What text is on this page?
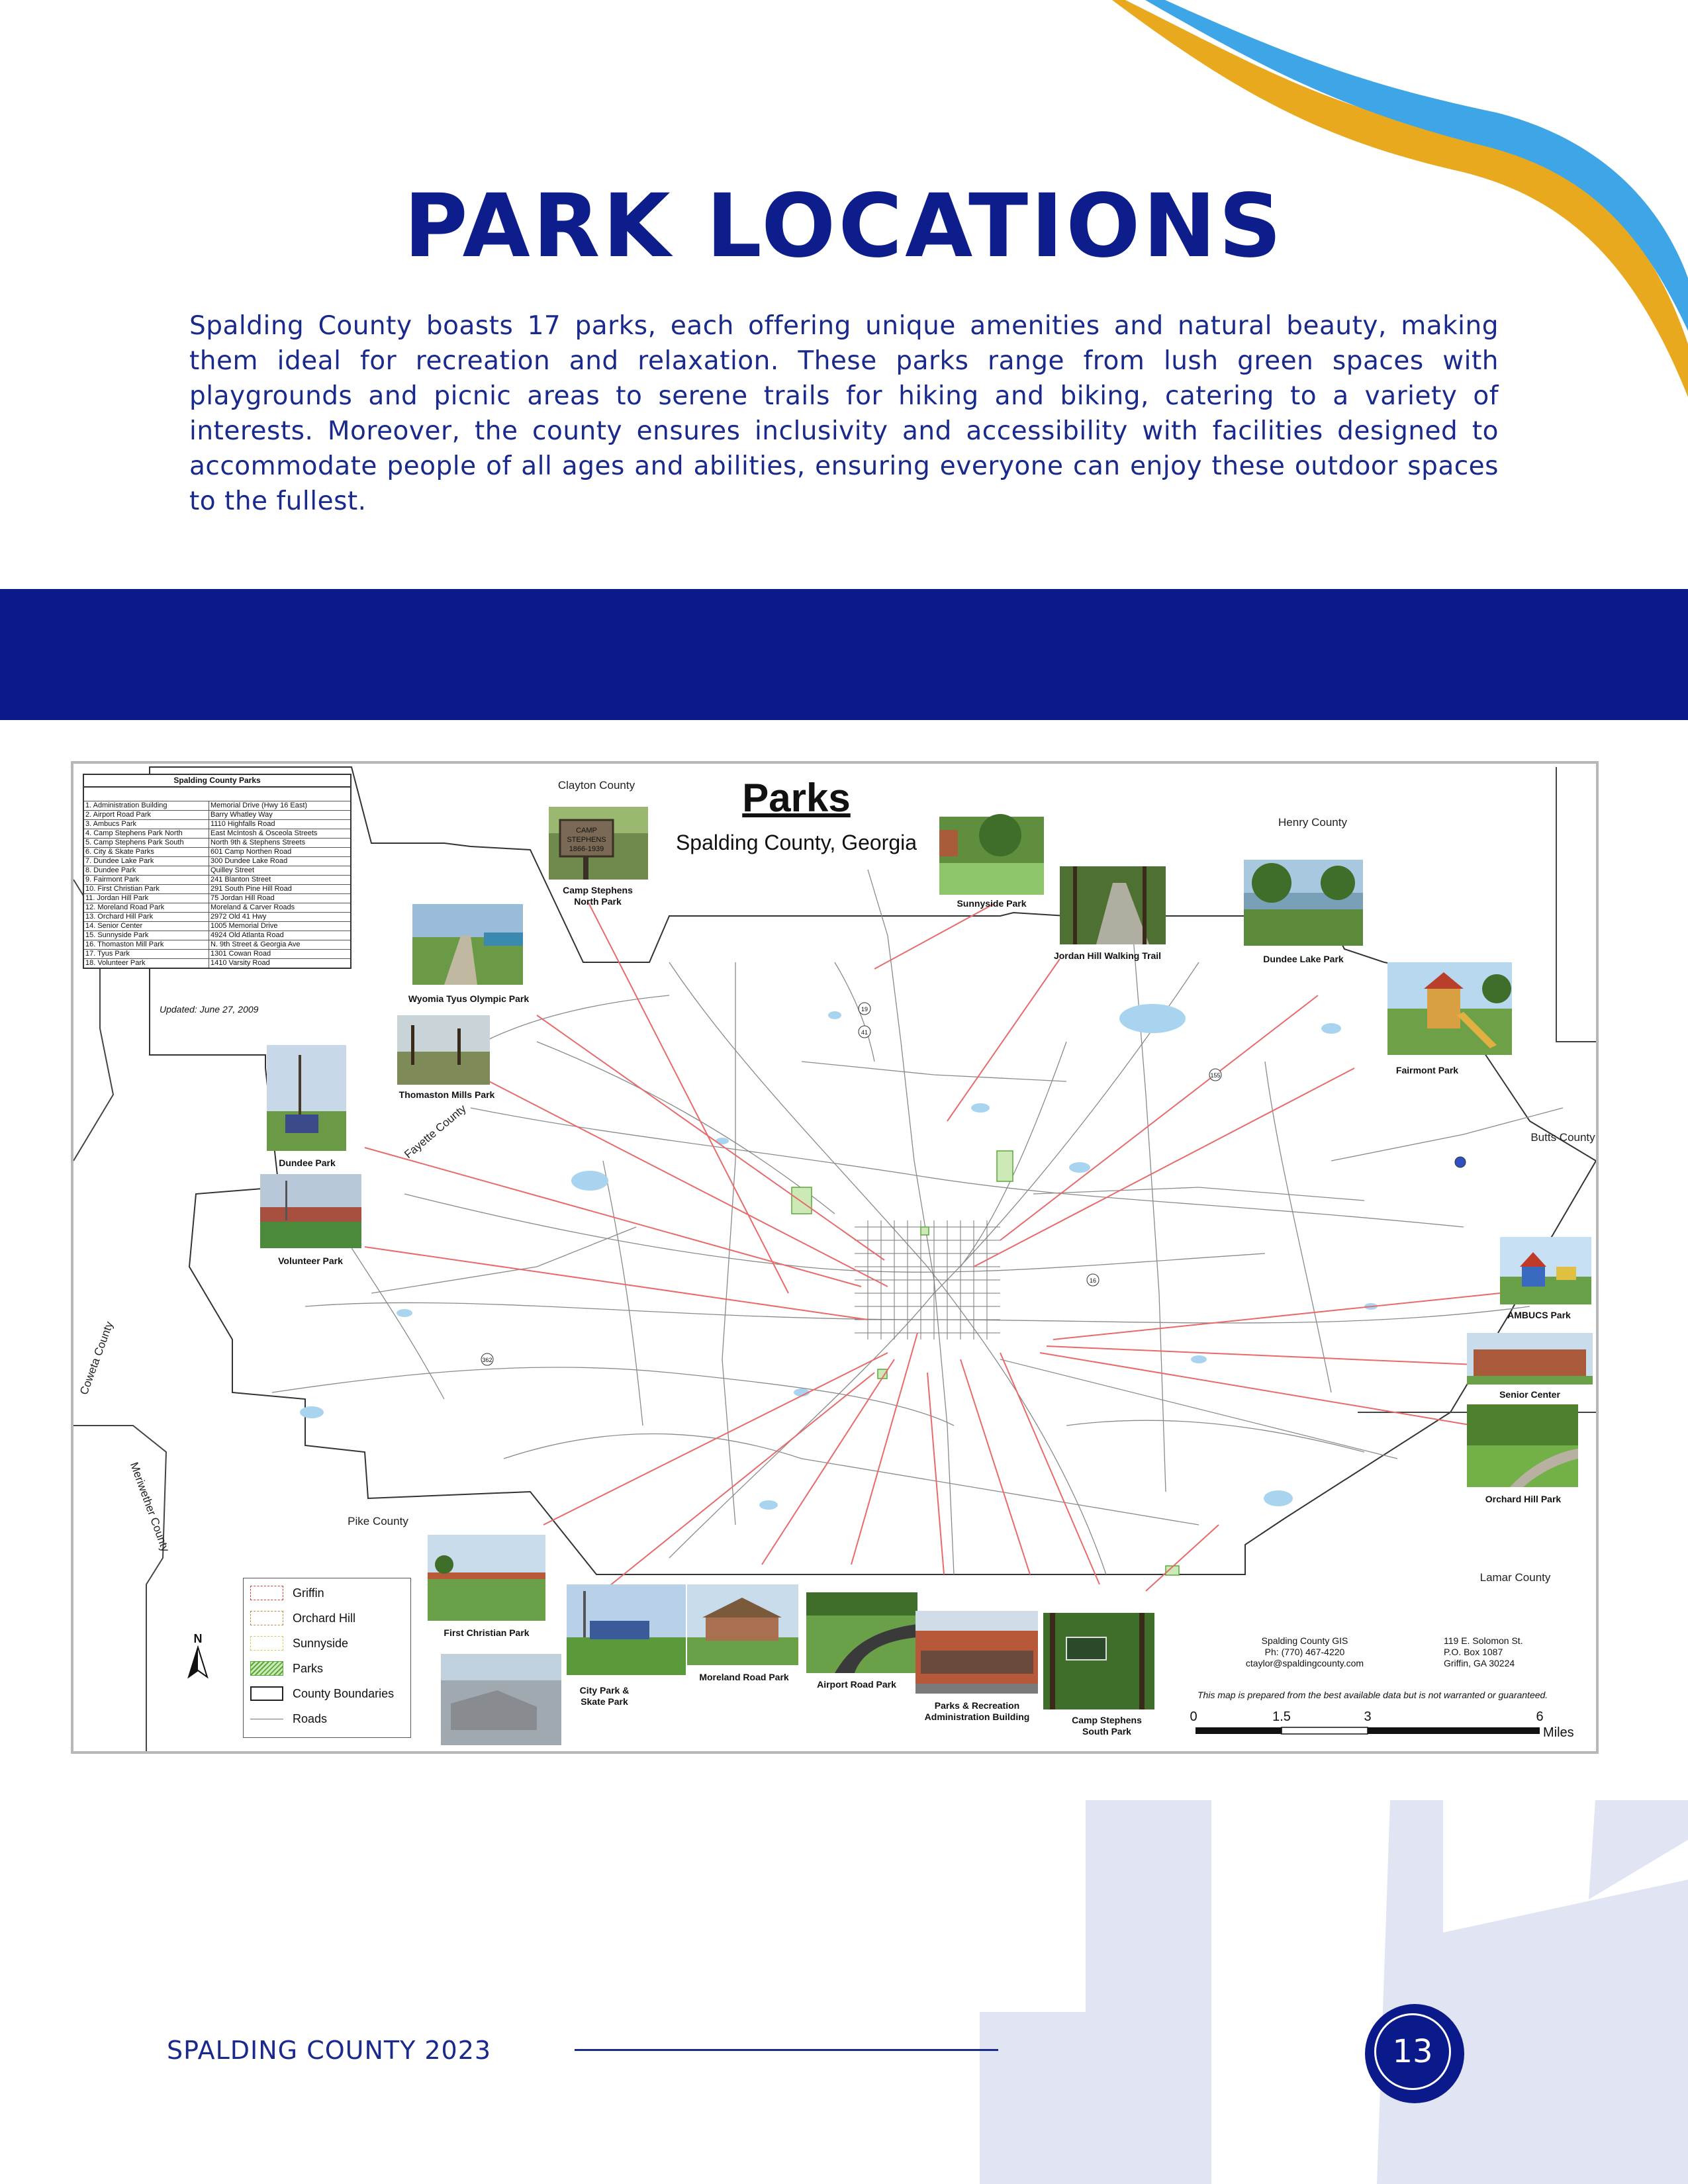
PARK LOCATIONS

Spalding County boasts 17 parks, each offering unique amenities and natural beauty, making them ideal for recreation and relaxation. These parks range from lush green spaces with playgrounds and picnic areas to serene trails for hiking and biking, catering to a variety of interests. Moreover, the county ensures inclusivity and accessibility with facilities designed to accommodate people of all ages and abilities, ensuring everyone can enjoy these outdoor spaces to the fullest.

19
41
155
16
362
Parks
Spalding County, Georgia
Clayton County
Henry County
Butts County
Lamar County
Pike County
Coweta County
Meriwether County
Fayette County
CAMP
STEPHENS
1866-1939
Camp Stephens
North Park	Sunnyside Park
Jordan Hill Walking Trail	Dundee Lake Park
Fairmont Park
Wyomia Tyus Olympic Park
Thomaston Mills Park
Dundee Park
Volunteer Park
AMBUCS Park
Senior Center
Orchard Hill Park
First Christian Park
City Park &
Skate Park
Moreland Road Park
Airport Road Park
Parks & Recreation
Administration Building	Camp Stephens
South Park
N	Spalding County GIS
Ph: (770) 467-4220
ctaylor@spaldingcounty.com
119 E. Solomon St.
P.O. Box 1087
Griffin, GA 30224
This map is prepared from the best available data but is not warranted or guaranteed.
0	1.5	3	6
Miles
Spalding County Parks
1. Administration Building	Memorial Drive (Hwy 16 East)
2. Airport Road Park	Barry Whatley Way
3. Ambucs Park	1110 Highfalls Road
4. Camp Stephens Park North	East McIntosh & Osceola Streets
5. Camp Stephens Park South	North 9th & Stephens Streets
6. City & Skate Parks	601 Camp Northen Road
7. Dundee Lake Park	300 Dundee Lake Road
8. Dundee Park	Quilley Street
9. Fairmont Park	241 Blanton Street
10. First Christian Park	291 South Pine Hill Road
11. Jordan Hill Park	75 Jordan Hill Road
12. Moreland Road Park	Moreland & Carver Roads
13. Orchard Hill Park	2972 Old 41 Hwy
14. Senior Center	1005 Memorial Drive
15. Sunnyside Park	4924 Old Atlanta Road
16. Thomaston Mill Park	N. 9th Street & Georgia Ave
17. Tyus Park	1301 Cowan Road
18. Volunteer Park	1410 Varsity Road
Updated: June 27, 2009
Griffin
Orchard Hill
Sunnyside
Parks
County Boundaries
Roads
SPALDING COUNTY 2023	13
